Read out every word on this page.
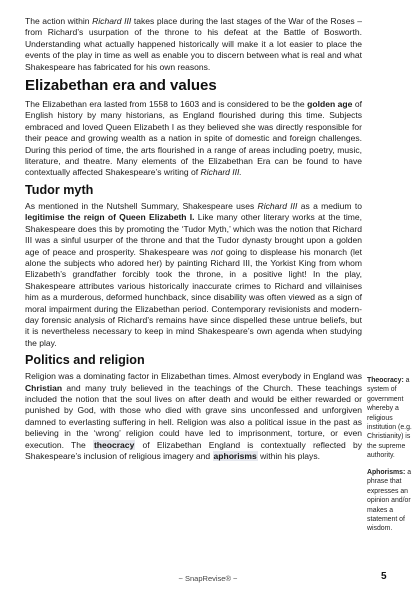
The action within Richard III takes place during the last stages of the War of the Roses – from Richard’s usurpation of the throne to his defeat at the Battle of Bosworth. Understanding what actually happened historically will make it a lot easier to place the events of the play in time as well as enable you to discern between what is real and what Shakespeare has fabricated for his own reasons.

Elizabethan era and values

The Elizabethan era lasted from 1558 to 1603 and is considered to be the golden age of English history by many historians, as England flourished during this time. Subjects embraced and loved Queen Elizabeth I as they believed she was directly responsible for their peace and growing wealth as a nation in spite of domestic and foreign challenges. During this period of time, the arts flourished in a range of areas including poetry, music, literature, and theatre. Many elements of the Elizabethan Era can be found to have contextually affected Shakespeare’s writing of Richard III.

Tudor myth

As mentioned in the Nutshell Summary, Shakespeare uses Richard III as a medium to legitimise the reign of Queen Elizabeth I. Like many other literary works at the time, Shakespeare does this by promoting the ‘Tudor Myth,’ which was the notion that Richard III was a sinful usurper of the throne and that the Tudor dynasty brought upon a golden age of peace and prosperity. Shakespeare was not going to displease his monarch (let alone the subjects who adored her) by painting Richard III, the Yorkist King from whom Elizabeth’s grandfather forcibly took the throne, in a positive light! In the play, Shakespeare attributes various historically inaccurate crimes to Richard and villainises him as a murderous, deformed hunchback, since disability was often viewed as a sign of moral impairment during the Elizabethan period. Contemporary revisionists and modern-day forensic analysis of Richard’s remains have since dispelled these untrue beliefs, but it is nevertheless necessary to keep in mind Shakespeare’s own agenda when studying the play.

Politics and religion

Religion was a dominating factor in Elizabethan times. Almost everybody in England was Christian and many truly believed in the teachings of the Church. These teachings included the notion that the soul lives on after death and would be either rewarded or punished by God, with those who died with grave sins unconfessed and unforgiven damned to everlasting suffering in hell. Religion was also a political issue in the past as believing in the ‘wrong’ religion could have led to imprisonment, torture, or even execution. The theocracy of Elizabethan England is contextually reflected by Shakespeare’s inclusion of religious imagery and aphorisms within his plays.

Theocracy: a system of government whereby a religious institution (e.g. Christianity) is the supreme authority.
Aphorisms: a phrase that expresses an opinion and/or makes a statement of wisdom.
~ SnapRevise® ~	5
